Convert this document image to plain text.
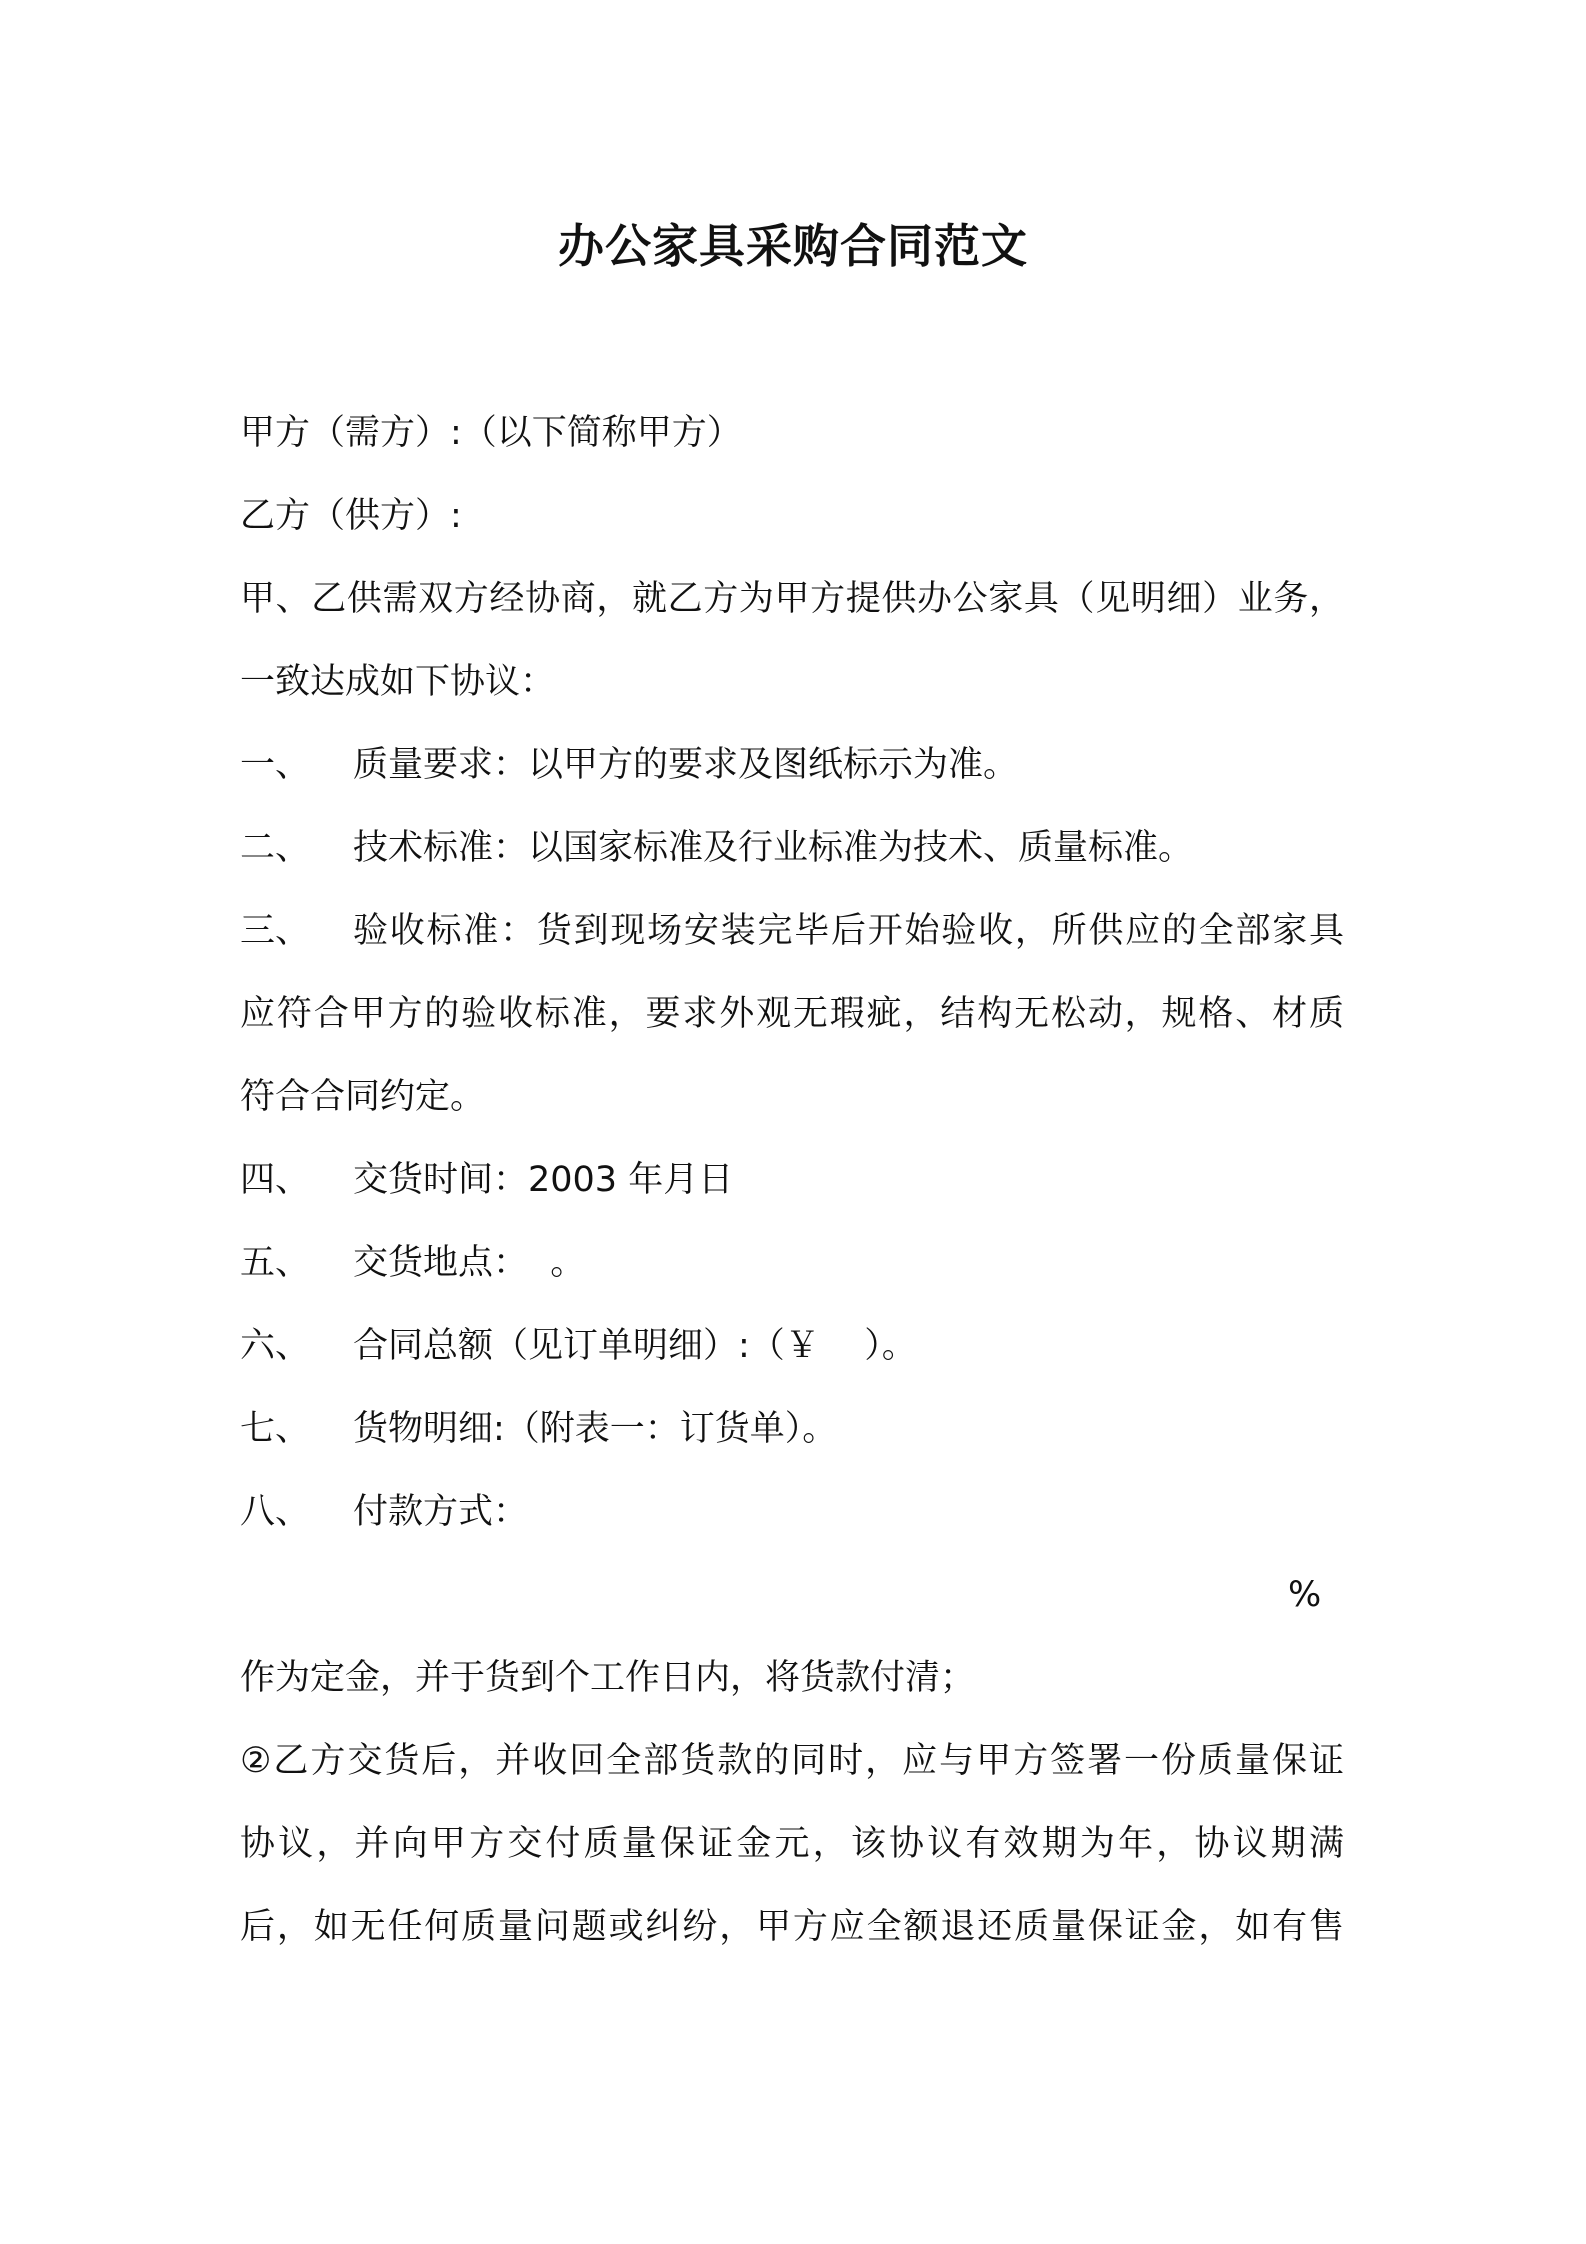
办公家具采购合同范文
甲方（需方）:（以下简称甲方）
乙方（供方）:
甲、乙供需双方经协商，就乙方为甲方提供办公家具（见明细）业务，
一致达成如下协议：
一、	质量要求：以甲方的要求及图纸标示为准。
二、	技术标准：以国家标准及行业标准为技术、质量标准。
三、	验收标准：货到现场安装完毕后开始验收，所供应的全部家具
应符合甲方的验收标准，要求外观无瑕疵，结构无松动，规格、材质
符合合同约定。
四、	交货时间：2003 年月日
五、	交货地点：  。
六、	合同总额（见订单明细）:（￥    ）。
七、	货物明细:（附表一：订货单）。
八、	付款方式：

%

作为定金，并于货到个工作日内，将货款付清；
②乙方交货后，并收回全部货款的同时，应与甲方签署一份质量保证
协议，并向甲方交付质量保证金元，该协议有效期为年，协议期满
后，如无任何质量问题或纠纷，甲方应全额退还质量保证金，如有售
